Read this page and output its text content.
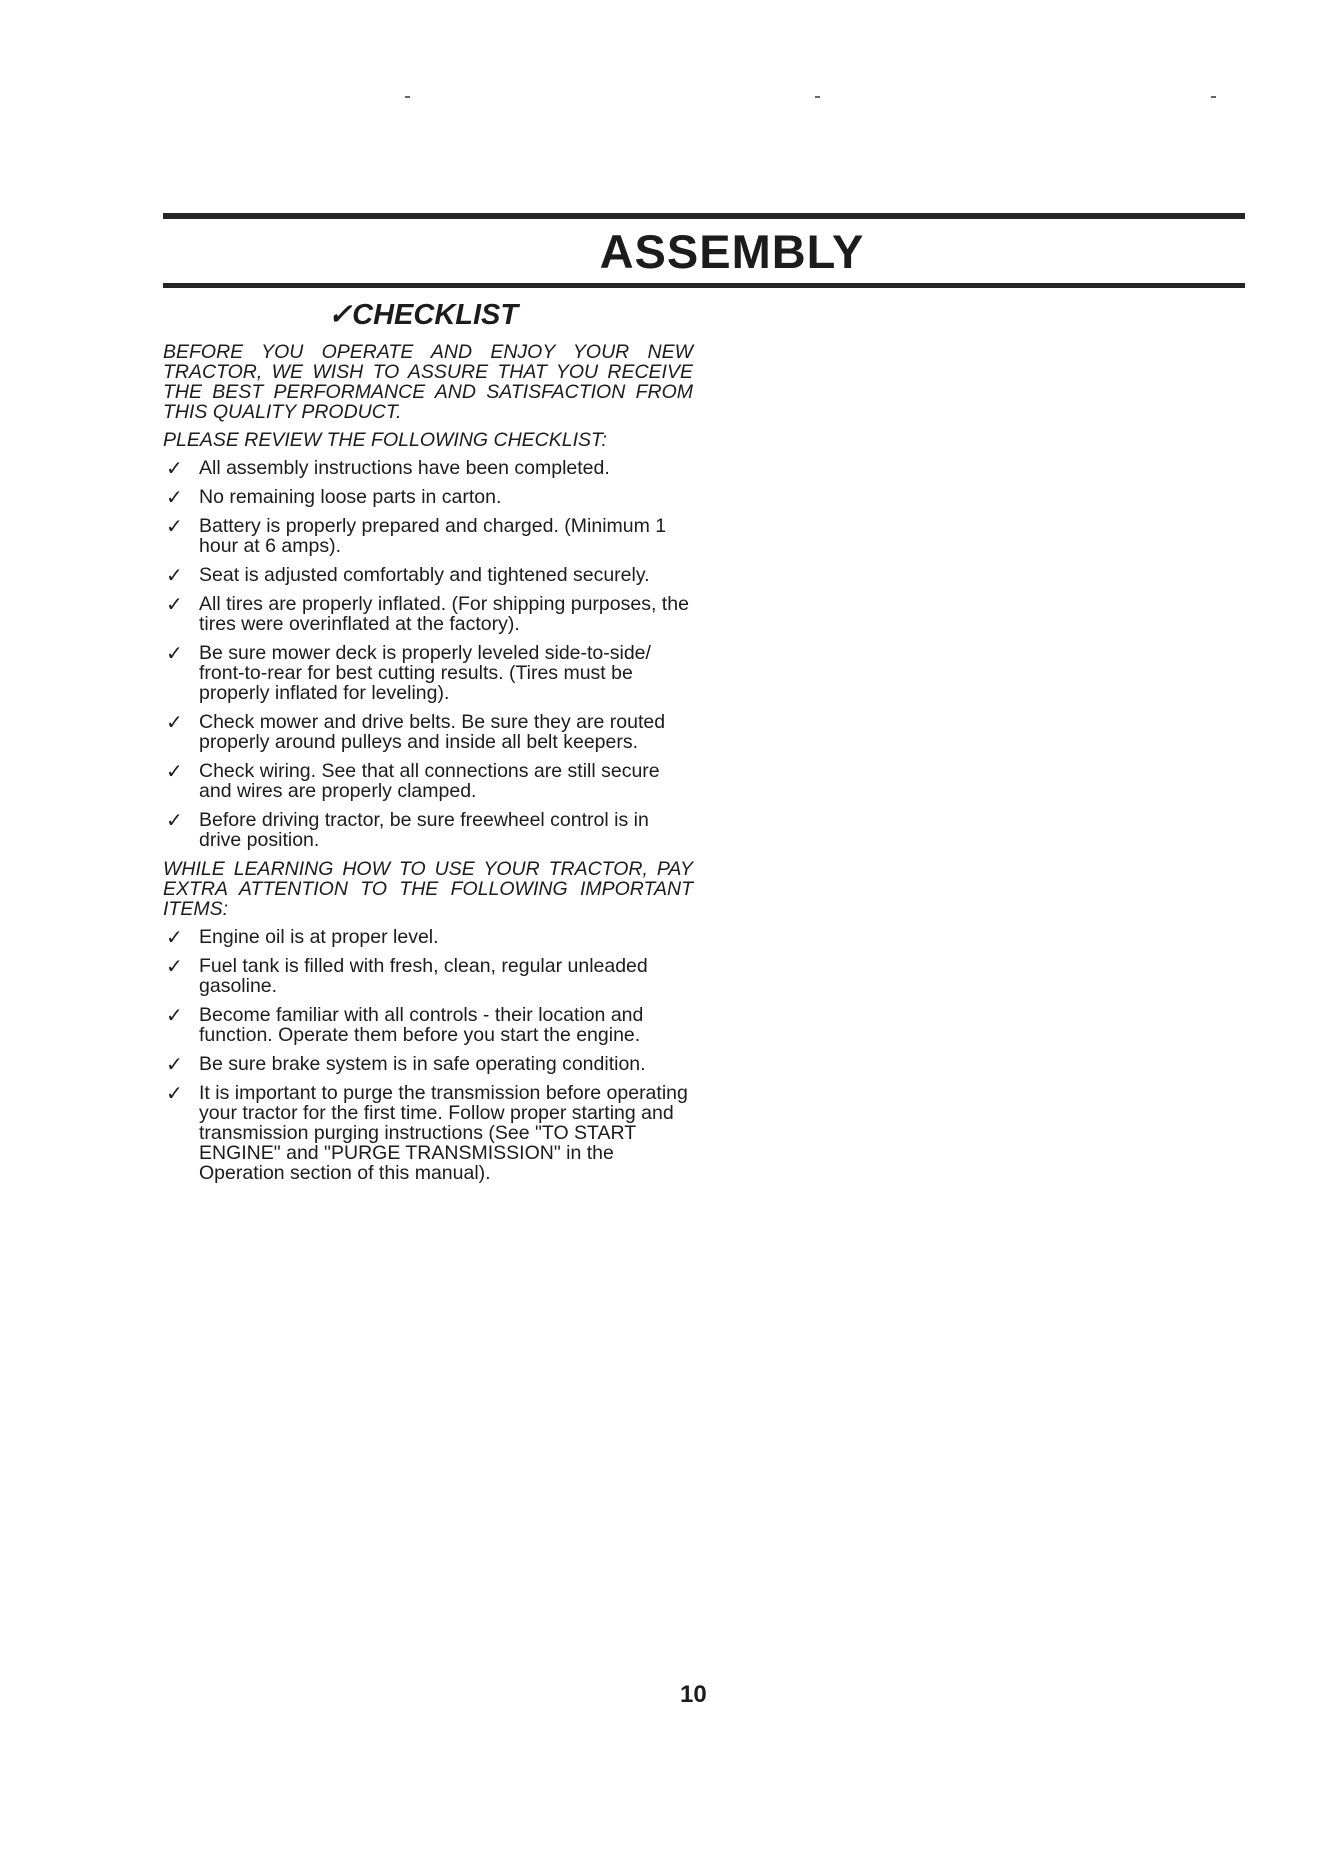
ASSEMBLY
✓CHECKLIST

BEFORE YOU OPERATE AND ENJOY YOUR NEW TRACTOR, WE WISH TO ASSURE THAT YOU RECEIVE THE BEST PERFORMANCE AND SATISFACTION FROM THIS QUALITY PRODUCT.

PLEASE REVIEW THE FOLLOWING CHECKLIST:

✓ All assembly instructions have been completed.
✓ No remaining loose parts in carton.
✓ Battery is properly prepared and charged. (Minimum 1 hour at 6 amps).
✓ Seat is adjusted comfortably and tightened securely.
✓ All tires are properly inflated. (For shipping purposes, the tires were overinflated at the factory).
✓ Be sure mower deck is properly leveled side-to-side/ front-to-rear for best cutting results. (Tires must be properly inflated for leveling).
✓ Check mower and drive belts. Be sure they are routed properly around pulleys and inside all belt keepers.
✓ Check wiring. See that all connections are still secure and wires are properly clamped.
✓ Before driving tractor, be sure freewheel control is in drive position.

WHILE LEARNING HOW TO USE YOUR TRACTOR, PAY EXTRA ATTENTION TO THE FOLLOWING IMPORTANT ITEMS:

✓ Engine oil is at proper level.
✓ Fuel tank is filled with fresh, clean, regular unleaded gasoline.
✓ Become familiar with all controls - their location and function. Operate them before you start the engine.
✓ Be sure brake system is in safe operating condition.
✓ It is important to purge the transmission before operating your tractor for the first time. Follow proper starting and transmission purging instructions (See "TO START ENGINE" and "PURGE TRANSMISSION" in the Operation section of this manual).

10
